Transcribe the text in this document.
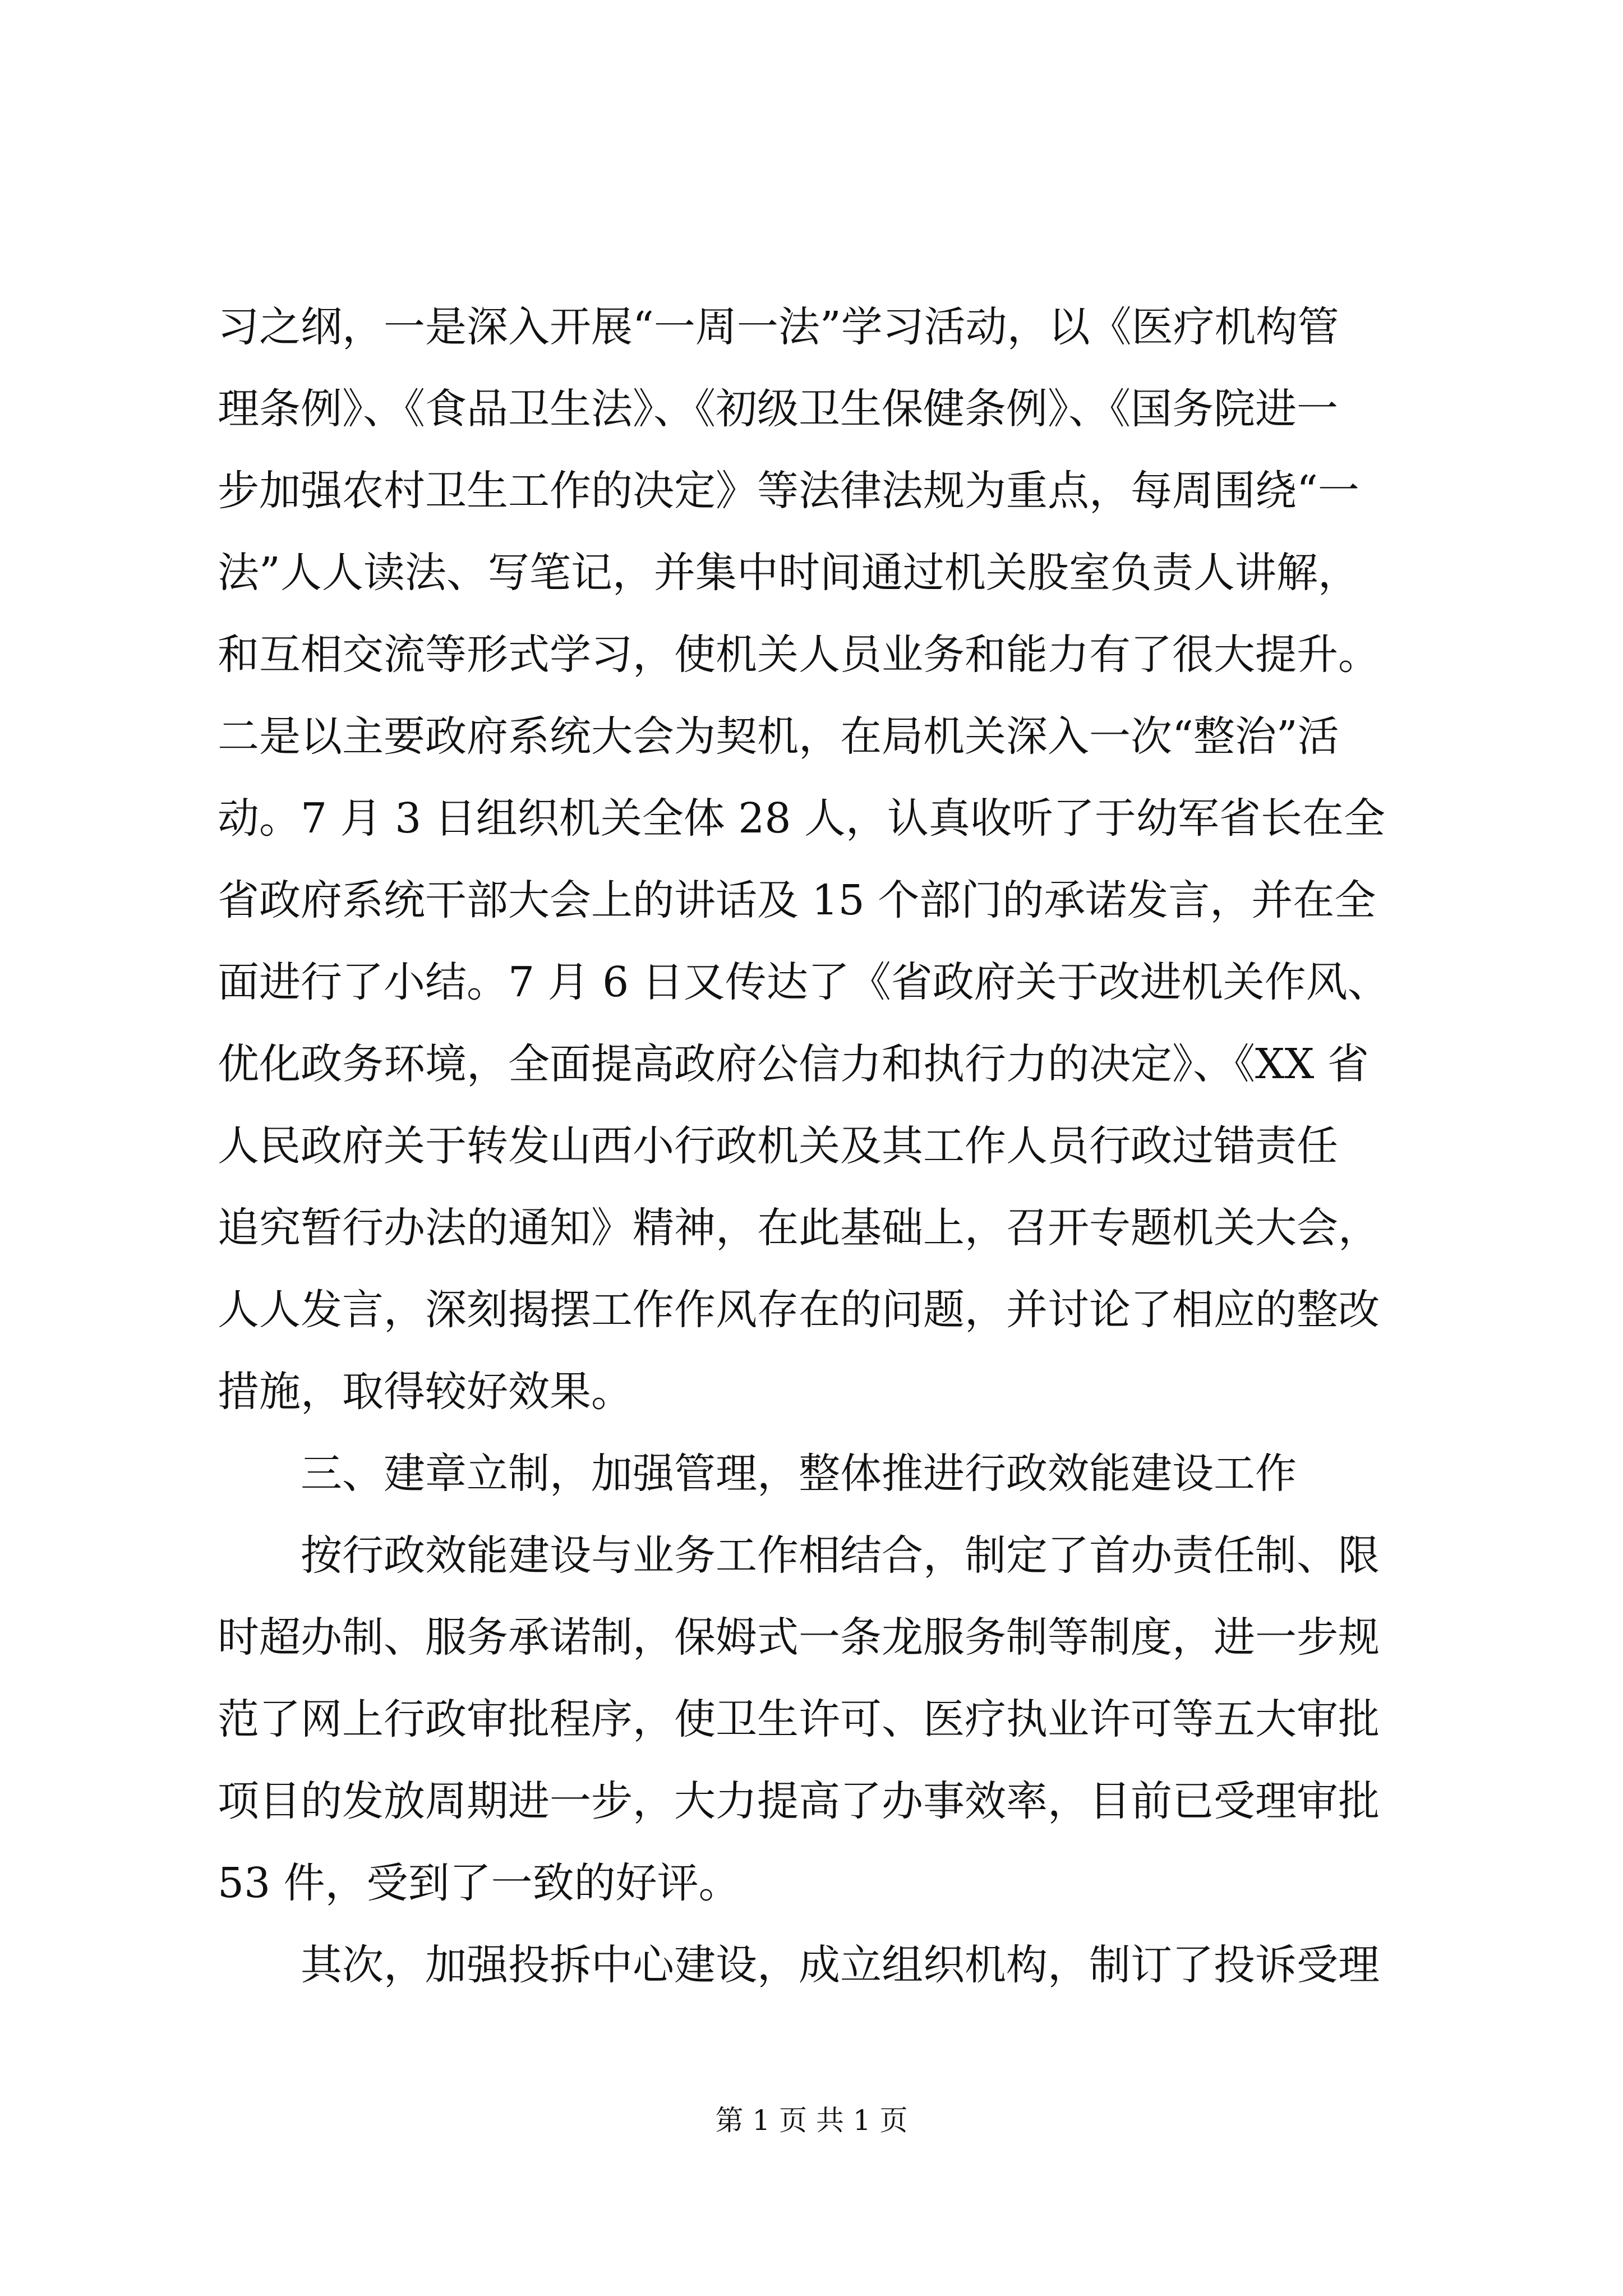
习之纲，一是深入开展“一周一法”学习活动，以《医疗机构管
理条例》、《食品卫生法》、《初级卫生保健条例》、《国务院进一
步加强农村卫生工作的决定》等法律法规为重点，每周围绕“一
法”人人读法、写笔记，并集中时间通过机关股室负责人讲解，
和互相交流等形式学习，使机关人员业务和能力有了很大提升。
二是以主要政府系统大会为契机，在局机关深入一次“整治”活
动。7 月 3 日组织机关全体 28 人，认真收听了于幼军省长在全
省政府系统干部大会上的讲话及 15 个部门的承诺发言，并在全
面进行了小结。7 月 6 日又传达了《省政府关于改进机关作风、
优化政务环境，全面提高政府公信力和执行力的决定》、《XX 省
人民政府关于转发山西小行政机关及其工作人员行政过错责任
追究暂行办法的通知》精神，在此基础上，召开专题机关大会，
人人发言，深刻揭摆工作作风存在的问题，并讨论了相应的整改
措施，取得较好效果。
三、建章立制，加强管理，整体推进行政效能建设工作
按行政效能建设与业务工作相结合，制定了首办责任制、限
时超办制、服务承诺制，保姆式一条龙服务制等制度，进一步规
范了网上行政审批程序，使卫生许可、医疗执业许可等五大审批
项目的发放周期进一步，大力提高了办事效率，目前已受理审批
53 件，受到了一致的好评。
其次，加强投拆中心建设，成立组织机构，制订了投诉受理
第 1 页 共 1 页
